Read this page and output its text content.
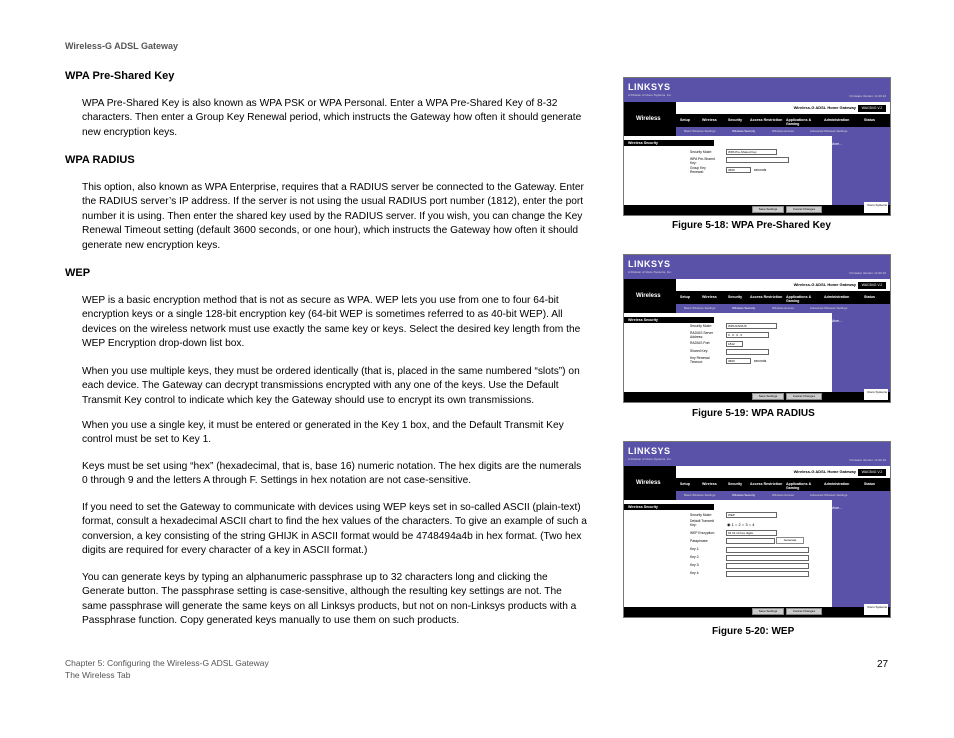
Wireless-G ADSL Gateway
WPA Pre-Shared Key
WPA Pre-Shared Key is also known as WPA PSK or WPA Personal. Enter a WPA Pre-Shared Key of 8-32 characters. Then enter a Group Key Renewal period, which instructs the Gateway how often it should generate new encryption keys.
WPA RADIUS
This option, also known as WPA Enterprise, requires that a RADIUS server be connected to the Gateway. Enter the RADIUS server’s IP address. If the server is not using the usual RADIUS port number (1812), enter the port number it is using. Then enter the shared key used by the RADIUS server. If you wish, you can change the Key Renewal Timeout setting (default 3600 seconds, or one hour), which instructs the Gateway how often it should generate new encryption keys.
WEP
WEP is a basic encryption method that is not as secure as WPA. WEP lets you use from one to four 64-bit encryption keys or a single 128-bit encryption key (64-bit WEP is sometimes referred to as 40-bit WEP). All devices on the wireless network must use exactly the same key or keys. Select the desired key length from the WEP Encryption drop-down list box.
When you use multiple keys, they must be ordered identically (that is, placed in the same numbered “slots”) on each device. The Gateway can decrypt transmissions encrypted with any one of the keys. Use the Default Transmit Key control to indicate which key the Gateway should use to encrypt its own transmissions.
When you use a single key, it must be entered or generated in the Key 1 box, and the Default Transmit Key control must be set to Key 1.
Keys must be set using “hex” (hexadecimal, that is, base 16) numeric notation. The hex digits are the numerals 0 through 9 and the letters A through F. Settings in hex notation are not case-sensitive.
If you need to set the Gateway to communicate with devices using WEP keys set in so-called ASCII (plain-text) format, consult a hexadecimal ASCII chart to find the hex values of the characters. To give an example of such a conversion, a key consisting of the string GHIJK in ASCII format would be 4748494a4b in hex format. (Two hex digits are required for every character of a key in ASCII format.)
You can generate keys by typing an alphanumeric passphrase up to 32 characters long and clicking the Generate button. The passphrase setting is case-sensitive, although the resulting key settings are not. The same passphrase will generate the same keys on all Linksys products, but not on non-Linksys products with a Passphrase function. Copy generated keys manually to use them on such products.
LINKSYS
A Division of Cisco Systems, Inc.	Firmware Version: v1.00.10
Wireless-G ADSL Home Gateway	WAG54G V.2
Wireless	Setup	Wireless	Security Access Restriction Applications & Gaming
Administration	Status
Basic Wireless Settings	Wireless Security	Wireless Access	Advanced Wireless Settings
Wireless Security	More...
Security Mode:	WPA Pre-Shared Key
WPA Pre-Shared Key:
Group Key Renewal:	3600	seconds
Save Settings	Cancel Changes
Cisco Systems
Figure 5-18: WPA Pre-Shared Key
LINKSYS
A Division of Cisco Systems, Inc.	Firmware Version: v1.00.10
Wireless-G ADSL Home Gateway	WAG54G V.2
Wireless	Setup	Wireless	Security Access Restriction Applications & Gaming
Administration	Status
Basic Wireless Settings	Wireless Security	Wireless Access	Advanced Wireless Settings
Wireless Security	More...
Security Mode:	WPA RADIUS
RADIUS Server Address:	0 . 0 . 0 . 0
RADIUS Port:	1812
Shared Key:
Key Renewal Timeout:	3600	seconds
Save Settings	Cancel Changes
Cisco Systems
Figure 5-19: WPA RADIUS
LINKSYS
A Division of Cisco Systems, Inc.	Firmware Version: v1.00.10
Wireless-G ADSL Home Gateway	WAG54G V.2
Wireless	Setup	Wireless	Security Access Restriction Applications & Gaming
Administration	Status
Basic Wireless Settings	Wireless Security	Wireless Access	Advanced Wireless Settings
Wireless Security	More...
Security Mode:	WEP
Default Transmit Key:	◉ 1 ○ 2 ○ 3 ○ 4
WEP Encryption:	64 bit 10 hex digits
Passphrase:	Generate
Key 1:
Key 2:
Key 3:
Key 4:
Save Settings	Cancel Changes
Cisco Systems
Figure 5-20: WEP
Chapter 5: Configuring the Wireless-G ADSL Gateway
The Wireless Tab
27
